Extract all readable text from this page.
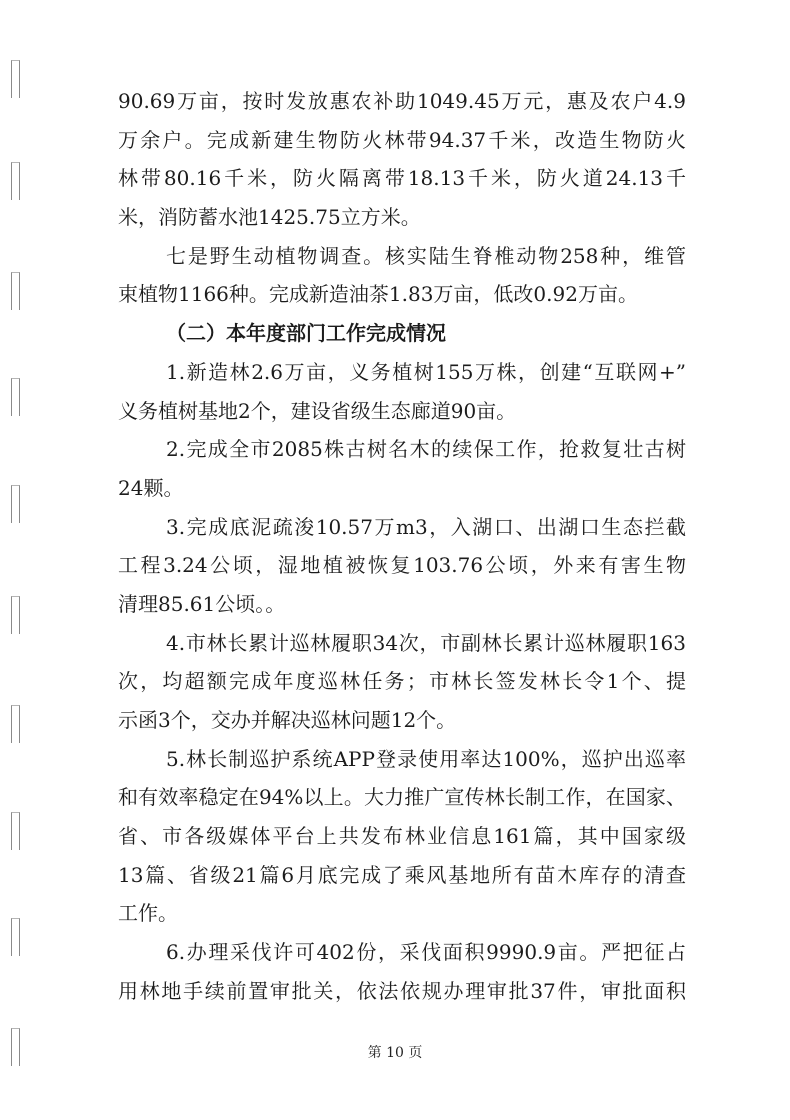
90.69万亩，按时发放惠农补助1049.45万元，惠及农户4.9
万余户。完成新建生物防火林带94.37千米，改造生物防火
林带80.16千米，防火隔离带18.13千米，防火道24.13千
米，消防蓄水池1425.75立方米。
七是野生动植物调查。核实陆生脊椎动物258种，维管
束植物1166种。完成新造油茶1.83万亩，低改0.92万亩。
（二）本年度部门工作完成情况
1.新造林2.6万亩，义务植树155万株，创建“互联网+”
义务植树基地2个，建设省级生态廊道90亩。
2.完成全市2085株古树名木的续保工作，抢救复壮古树
24颗。
3.完成底泥疏浚10.57万m3，入湖口、出湖口生态拦截
工程3.24公顷，湿地植被恢复103.76公顷，外来有害生物
清理85.61公顷。。
4.市林长累计巡林履职34次，市副林长累计巡林履职163
次，均超额完成年度巡林任务；市林长签发林长令1个、提
示函3个，交办并解决巡林问题12个。
5.林长制巡护系统APP登录使用率达100%，巡护出巡率
和有效率稳定在94%以上。大力推广宣传林长制工作，在国家、
省、市各级媒体平台上共发布林业信息161篇，其中国家级
13篇、省级21篇6月底完成了乘风基地所有苗木库存的清查
工作。
6.办理采伐许可402份，采伐面积9990.9亩。严把征占
用林地手续前置审批关，依法依规办理审批37件，审批面积
第 10 页
